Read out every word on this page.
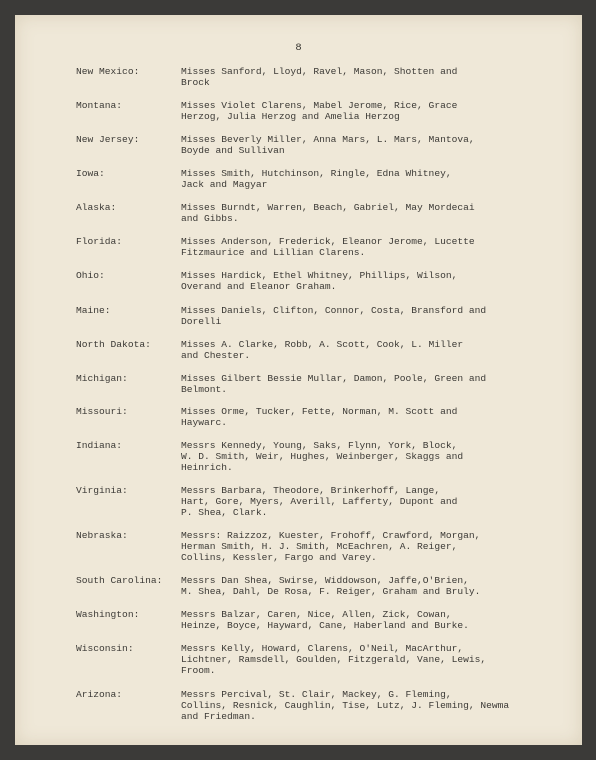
8
New Mexico:	Misses Sanford, Lloyd, Ravel, Mason, Shotten and
Brock
Montana:	Misses Violet Clarens, Mabel Jerome, Rice, Grace
Herzog, Julia Herzog and Amelia Herzog
New Jersey:	Misses Beverly Miller, Anna Mars, L. Mars, Mantova,
Boyde and Sullivan
Iowa:	Misses Smith, Hutchinson, Ringle, Edna Whitney,
Jack and Magyar
Alaska:	Misses Burndt, Warren, Beach, Gabriel, May Mordecai
and Gibbs.
Florida:	Misses Anderson, Frederick, Eleanor Jerome, Lucette
Fitzmaurice and Lillian Clarens.
Ohio:	Misses Hardick, Ethel Whitney, Phillips, Wilson,
Overand and Eleanor Graham.
Maine:	Misses Daniels, Clifton, Connor, Costa, Bransford and
Dorelli
North Dakota:	Misses A. Clarke, Robb, A. Scott, Cook, L. Miller
and Chester.
Michigan:	Misses Gilbert Bessie Mullar, Damon, Poole, Green and
Belmont.
Missouri:	Misses Orme, Tucker, Fette, Norman, M. Scott and
Haywarc.
Indiana:	Messrs Kennedy, Young, Saks, Flynn, York, Block,
W. D. Smith, Weir, Hughes, Weinberger, Skaggs and
Heinrich.
Virginia:	Messrs Barbara, Theodore, Brinkerhoff, Lange,
Hart, Gore, Myers, Averill, Lafferty, Dupont and
P. Shea, Clark.
Nebraska:	Messrs: Raizzoz, Kuester, Frohoff, Crawford, Morgan,
Herman Smith, H. J. Smith, McEachren, A. Reiger,
Collins, Kessler, Fargo and Varey.
South Carolina: Messrs Dan Shea, Swirse, Widdowson, Jaffe,O'Brien,
M. Shea, Dahl, De Rosa, F. Reiger, Graham and Bruly.
Washington:	Messrs Balzar, Caren, Nice, Allen, Zick, Cowan,
Heinze, Boyce, Hayward, Cane, Haberland and Burke.
Wisconsin:	Messrs Kelly, Howard, Clarens, O'Neil, MacArthur,
Lichtner, Ramsdell, Goulden, Fitzgerald, Vane, Lewis,
Froom.
Arizona:	Messrs Percival, St. Clair, Mackey, G. Fleming,
Collins, Resnick, Caughlin, Tise, Lutz, J. Fleming, Newma
and Friedman.
